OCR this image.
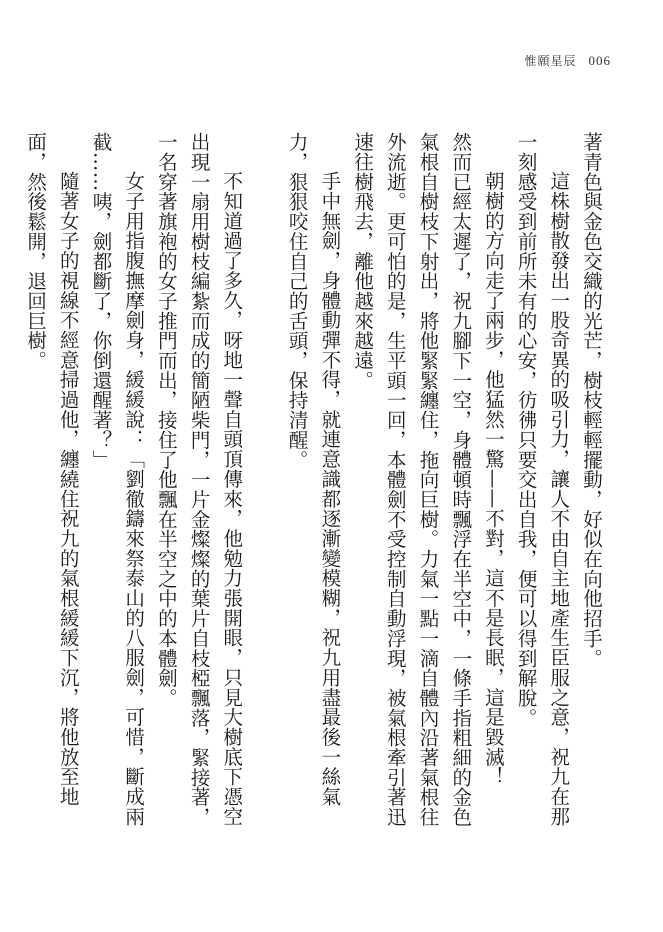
惟願星辰 006

著青色與金色交織的光芒，樹枝輕輕擺動，好似在向他招手。

這株樹散發出一股奇異的吸引力，讓人不由自主地產生臣服之意，祝九在那一刻感受到前所未有的心安，彷彿只要交出自我，便可以得到解脫。

朝樹的方向走了兩步，他猛然一驚——不對，這不是長眠，這是毀滅！

然而已經太遲了，祝九腳下一空，身體頓時飄浮在半空中，一條手指粗細的金色氣根自樹枝下射出，將他緊緊纏住，拖向巨樹。力氣一點一滴自體內沿著氣根往外流逝。更可怕的是，生平頭一回，本體劍不受控制自動浮現，被氣根牽引著迅速往樹飛去，離他越來越遠。

手中無劍，身體動彈不得，就連意識都逐漸變模糊，祝九用盡最後一絲氣力，狠狠咬住自己的舌頭，保持清醒。

不知道過了多久，呀地一聲自頭頂傳來，他勉力張開眼，只見大樹底下憑空出現一扇用樹枝編紮而成的簡陋柴門，一片金燦燦的葉片自枝椏飄落，緊接著，一名穿著旗袍的女子推門而出，接住了他飄在半空之中的本體劍。

女子用指腹撫摩劍身，緩緩說：「劉徹鑄來祭泰山的八服劍，可惜，斷成兩截……咦，劍都斷了，你倒還醒著？」

隨著女子的視線不經意掃過他，纏繞住祝九的氣根緩緩下沉，將他放至地面，然後鬆開，退回巨樹。
